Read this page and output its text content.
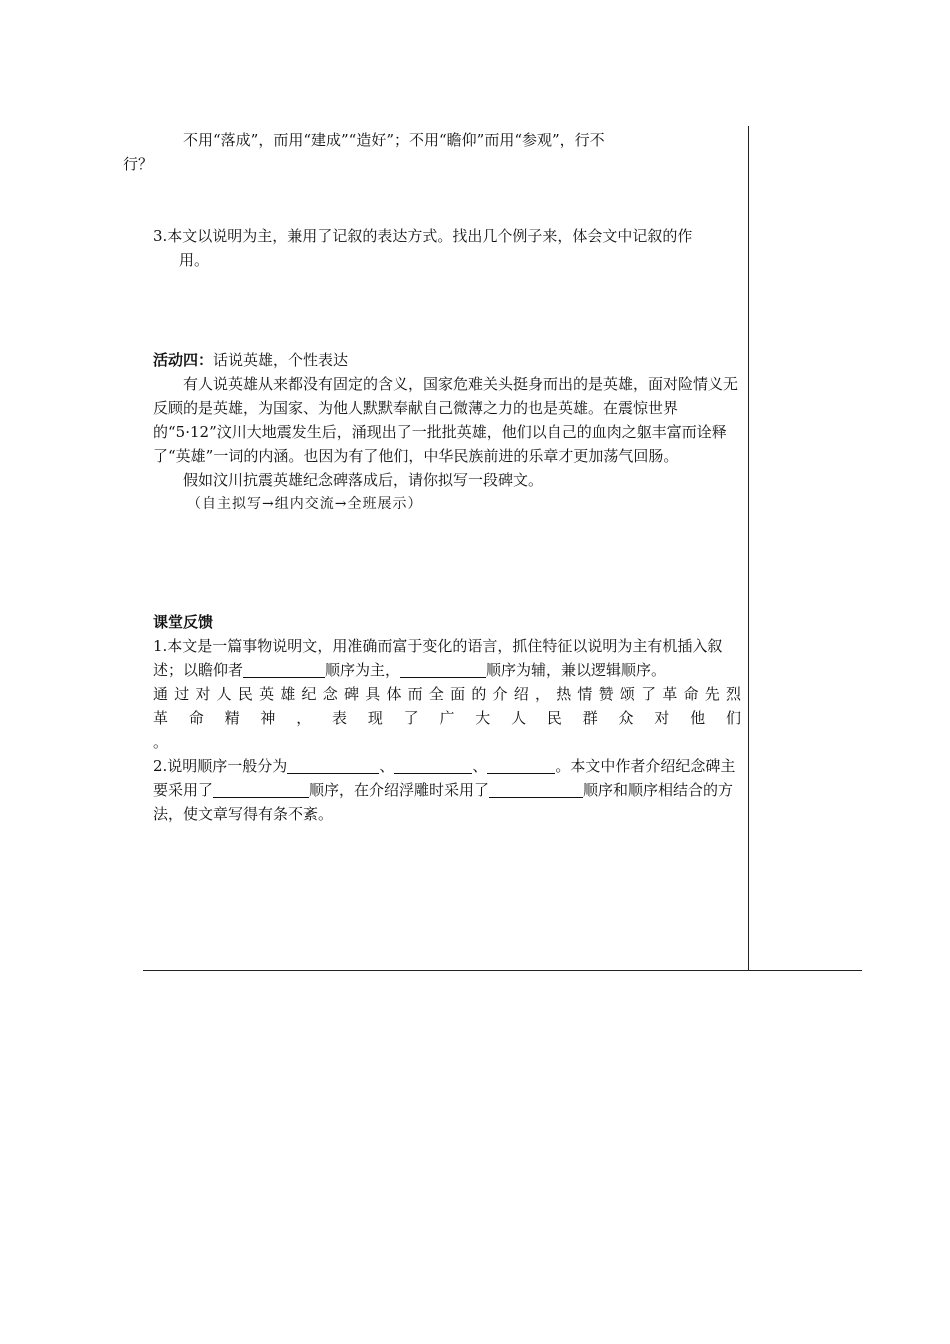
不用“落成”，而用“建成”“造好”；不用“瞻仰”而用“参观”，行不
行？

3.本文以说明为主，兼用了记叙的表达方式。找出几个例子来，体会文中记叙的作
用。

活动四：话说英雄，个性表达

有人说英雄从来都没有固定的含义，国家危难关头挺身而出的是英雄，面对险情义无反顾的是英雄，为国家、为他人默默奉献自己微薄之力的也是英雄。在震惊世界的“5·12”汶川大地震发生后，涌现出了一批批英雄，他们以自己的血肉之躯丰富而诠释了“英雄”一词的内涵。也因为有了他们，中华民族前进的乐章才更加荡气回肠。

假如汶川抗震英雄纪念碑落成后，请你拟写一段碑文。

（自主拟写→组内交流→全班展示）

课堂反馈

1.本文是一篇事物说明文，用准确而富于变化的语言，抓住特征以说明为主有机插入叙述；以瞻仰者	顺序为主，	顺序为辅，兼以逻辑顺序。

通过对人民英雄纪念碑具体而全面的介绍，热情赞颂了革命先烈

革命精神，表现了广大人民群众对他们

。

2.说明顺序一般分为	、	、	。本文中作者介绍纪念碑主要采用了	顺序，在介绍浮雕时采用了	顺序和顺序相结合的方法，使文章写得有条不紊。
